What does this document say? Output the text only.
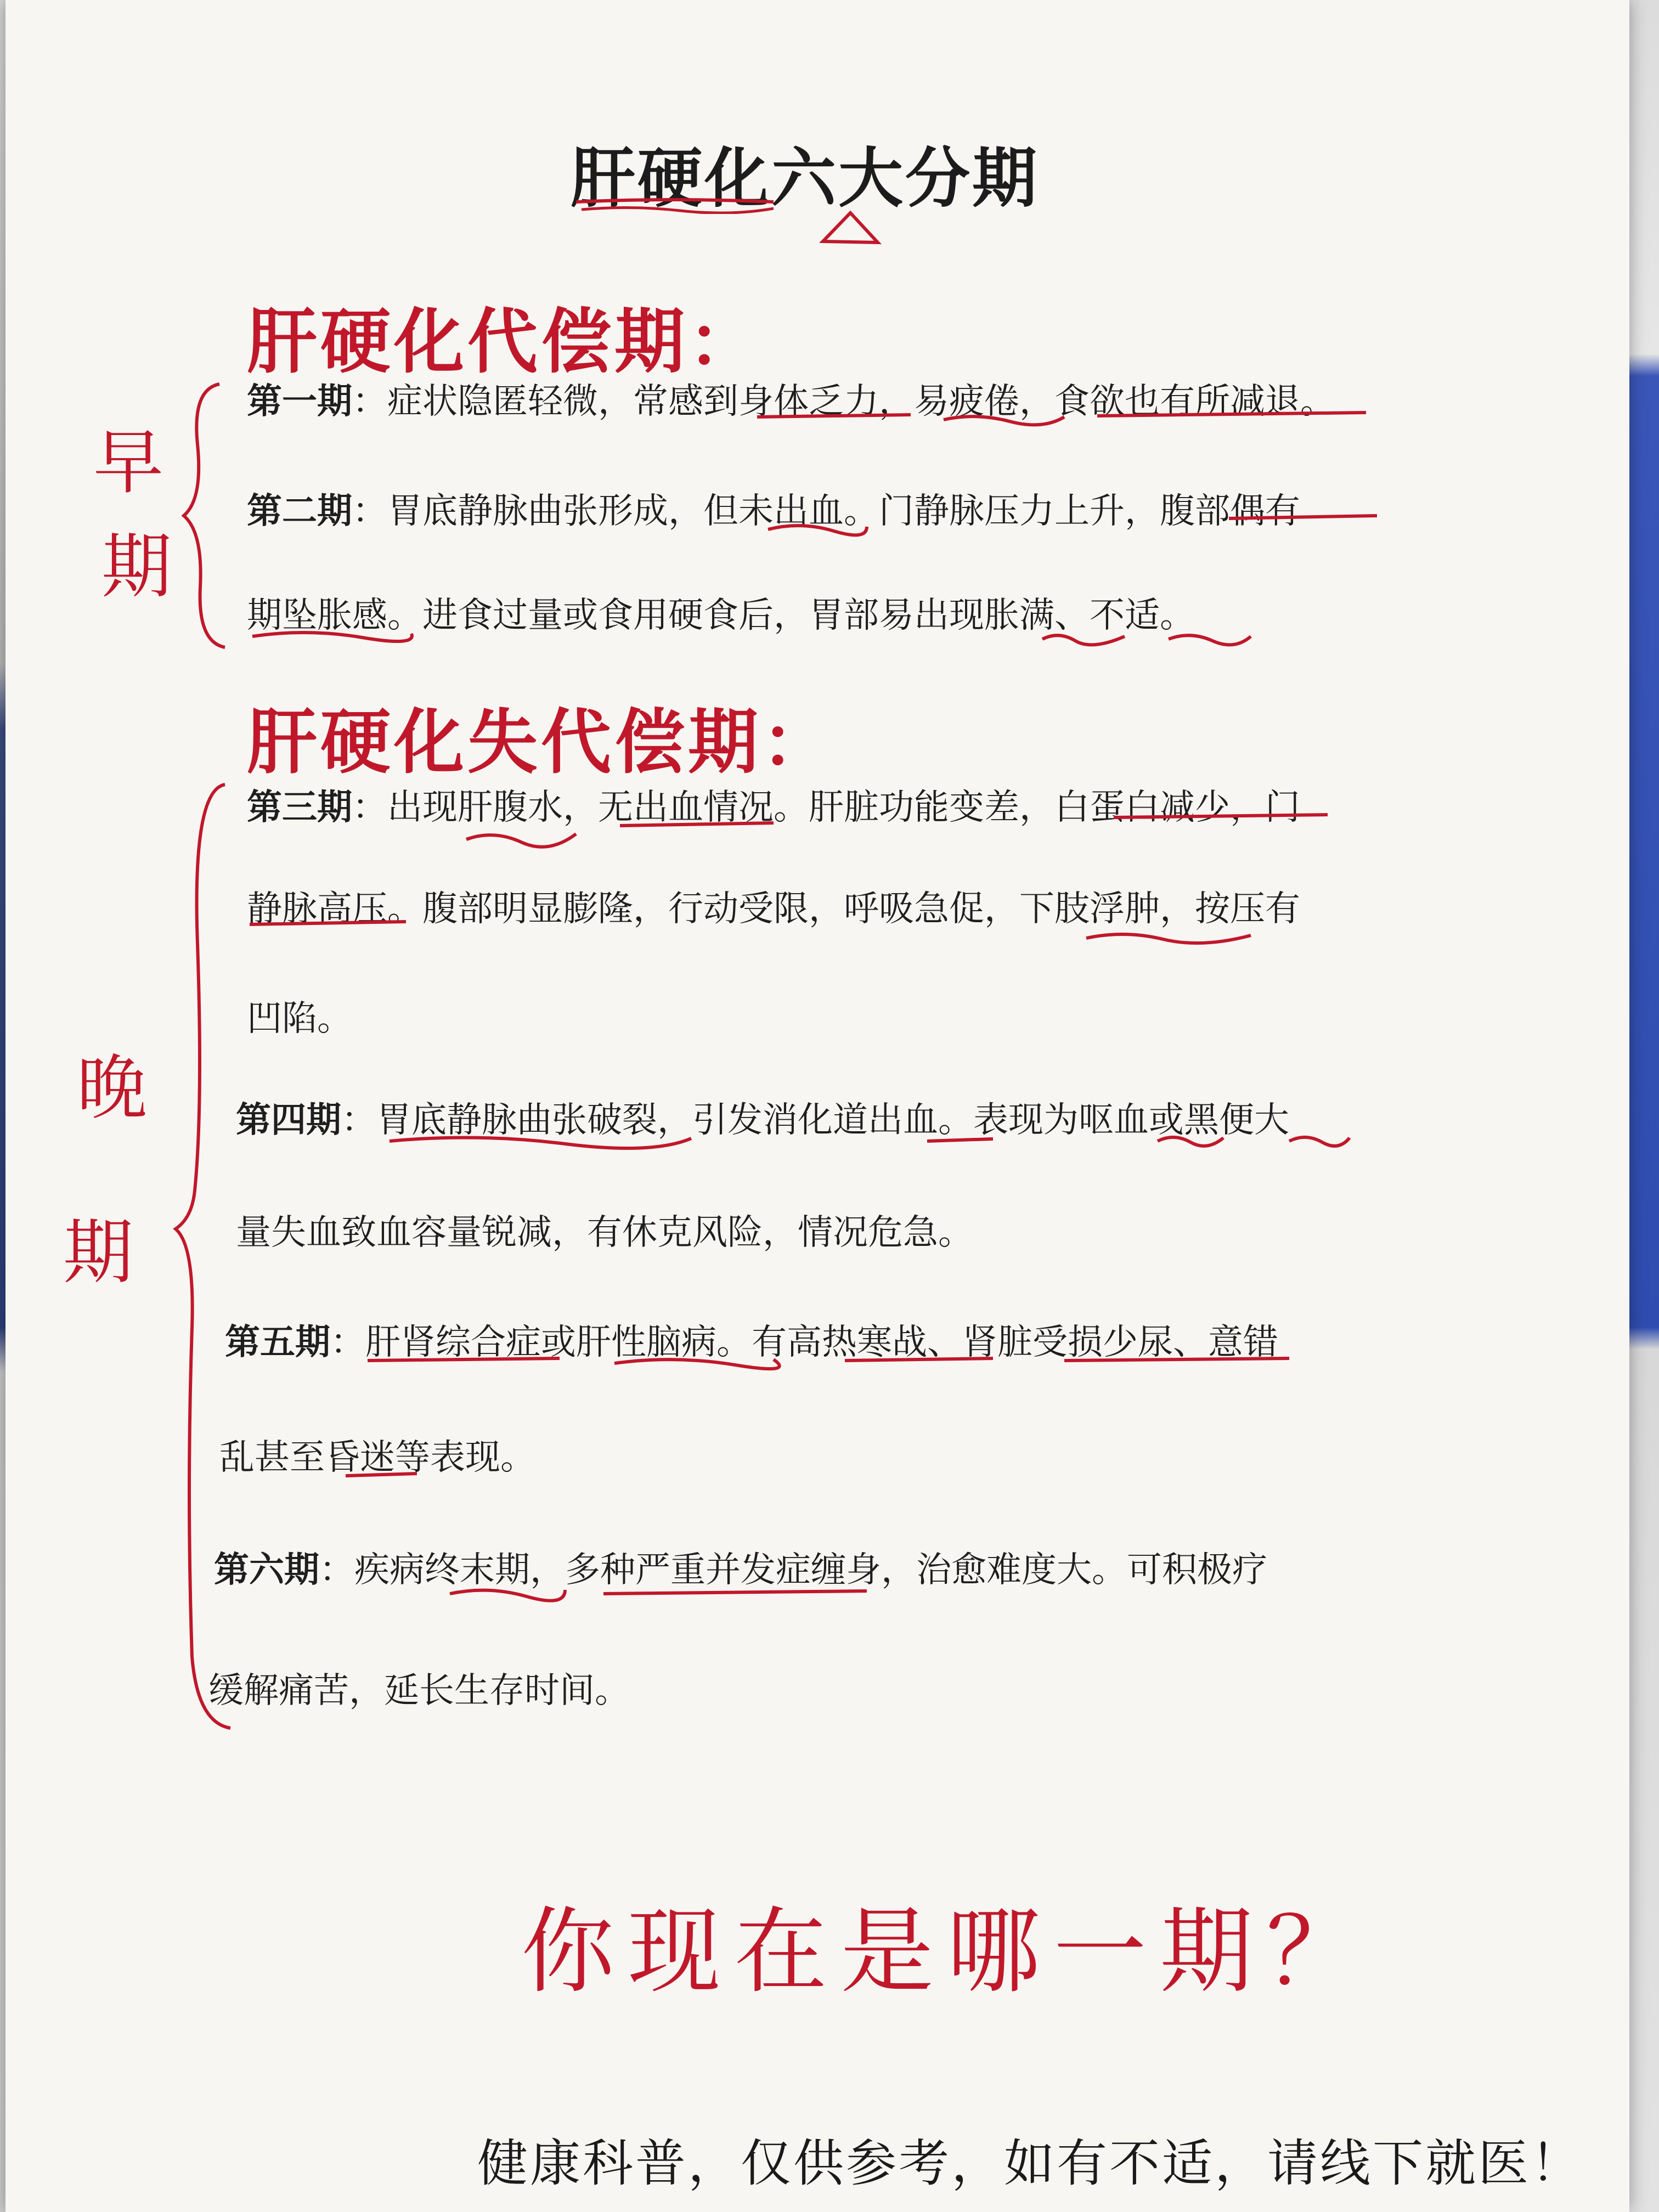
肝硬化六大分期
肝硬化代偿期：
早
期
第一期：症状隐匿轻微，常感到身体乏力，易疲倦，食欲也有所减退。
第二期：胃底静脉曲张形成，但未出血。门静脉压力上升，腹部偶有
期坠胀感。进食过量或食用硬食后，胃部易出现胀满、不适。
肝硬化失代偿期：
晚
期
第三期：出现肝腹水，无出血情况。肝脏功能变差，白蛋白减少，门
静脉高压。腹部明显膨隆，行动受限，呼吸急促，下肢浮肿，按压有
凹陷。
第四期：胃底静脉曲张破裂，引发消化道出血。表现为呕血或黑便大
量失血致血容量锐减，有休克风险，情况危急。
第五期：肝肾综合症或肝性脑病。有高热寒战、肾脏受损少尿、意错
乱甚至昏迷等表现。
第六期：疾病终末期，多种严重并发症缠身，治愈难度大。可积极疗
缓解痛苦，延长生存时间。
你现在是哪一期？
健康科普，仅供参考，如有不适，请线下就医！
